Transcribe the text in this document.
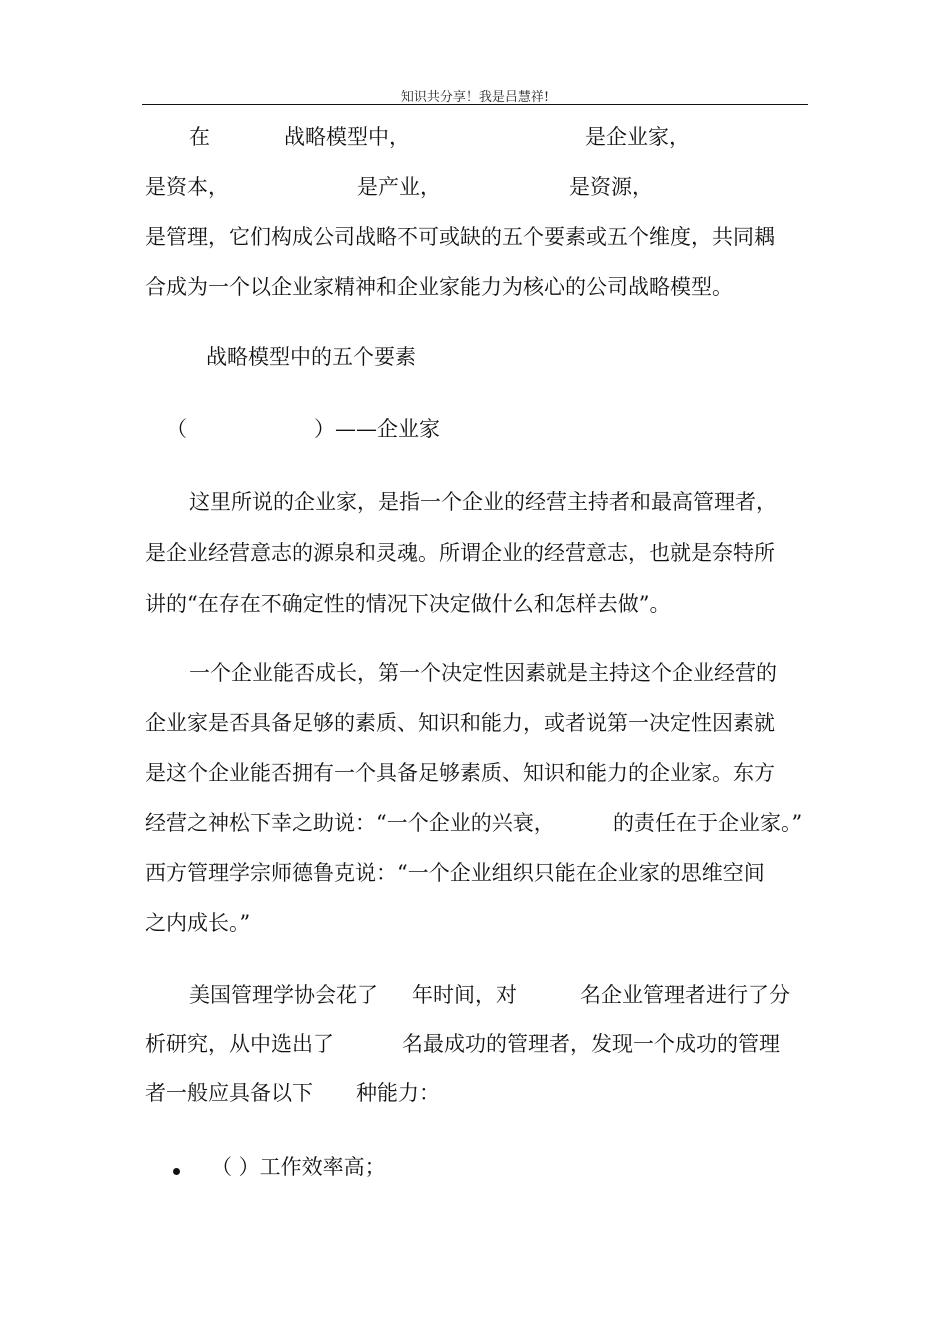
知识共分享！我是吕慧祥!
在	战略模型中，	是企业家，
是资本，	是产业，	是资源，
是管理，它们构成公司战略不可或缺的五个要素或五个维度，共同耦
合成为一个以企业家精神和企业家能力为核心的公司战略模型。
战略模型中的五个要素
（	）——企业家
这里所说的企业家，是指一个企业的经营主持者和最高管理者，
是企业经营意志的源泉和灵魂。所谓企业的经营意志，也就是奈特所
讲的“在存在不确定性的情况下决定做什么和怎样去做”。
一个企业能否成长，第一个决定性因素就是主持这个企业经营的
企业家是否具备足够的素质、知识和能力，或者说第一决定性因素就
是这个企业能否拥有一个具备足够素质、知识和能力的企业家。东方
经营之神松下幸之助说：“一个企业的兴衰，	的责任在于企业家。”
西方管理学宗师德鲁克说：“一个企业组织只能在企业家的思维空间
之内成长。”
美国管理学协会花了 年时间，对	名企业管理者进行了分
析研究，从中选出了	名最成功的管理者，发现一个成功的管理
者一般应具备以下 种能力：
（ ）工作效率高；
